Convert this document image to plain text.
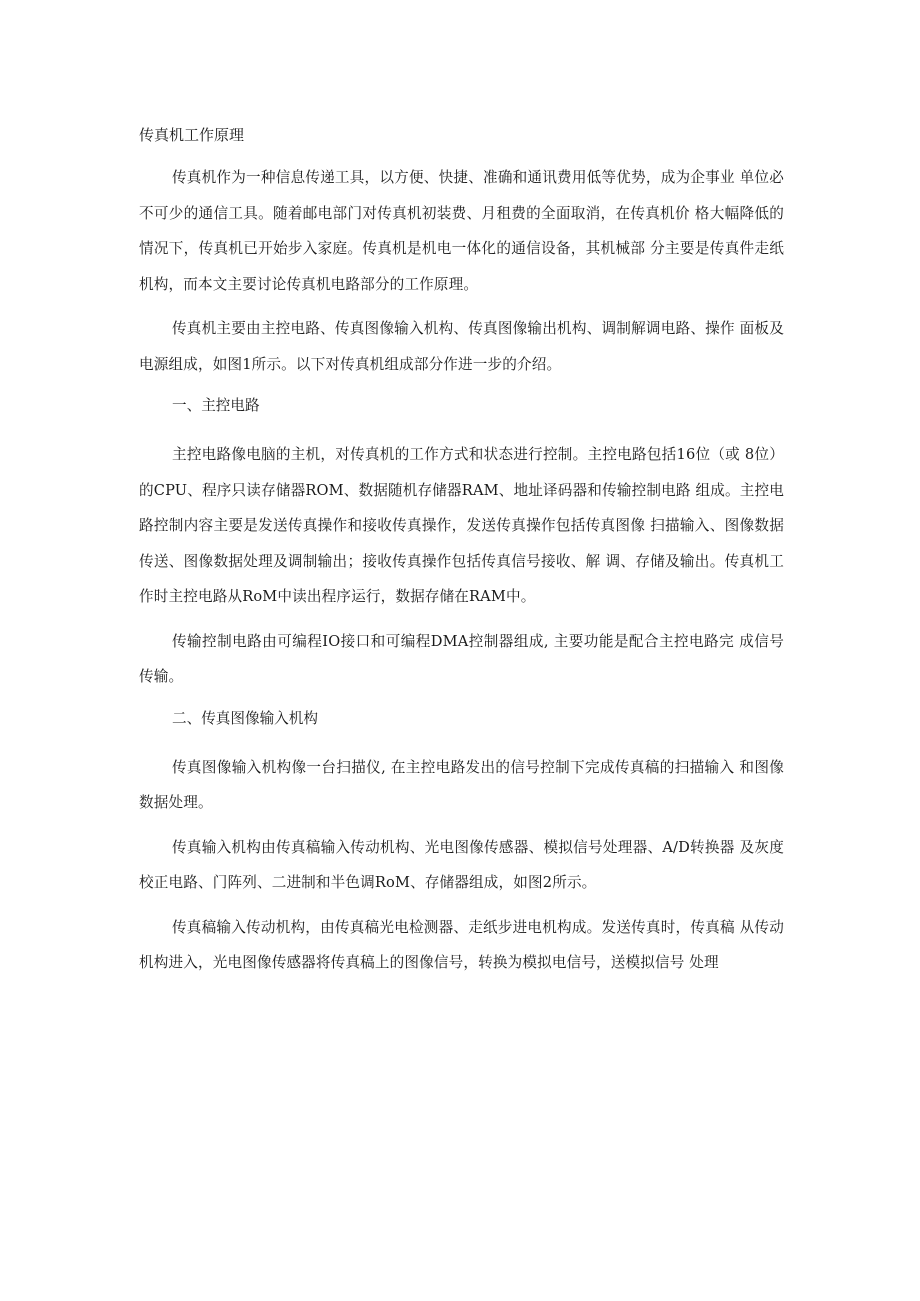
传真机工作原理

传真机作为一种信息传递工具，以方便、快捷、准确和通讯费用低等优势，成为企事业 单位必不可少的通信工具。随着邮电部门对传真机初装费、月租费的全面取消，在传真机价 格大幅降低的情况下，传真机已开始步入家庭。传真机是机电一体化的通信设备，其机械部 分主要是传真件走纸机构，而本文主要讨论传真机电路部分的工作原理。

传真机主要由主控电路、传真图像输入机构、传真图像输出机构、调制解调电路、操作 面板及电源组成，如图1所示。以下对传真机组成部分作进一步的介绍。

一、主控电路

主控电路像电脑的主机，对传真机的工作方式和状态进行控制。主控电路包括16位（或 8位）的CPU、程序只读存储器ROM、数据随机存储器RAM、地址译码器和传输控制电路 组成。主控电路控制内容主要是发送传真操作和接收传真操作，发送传真操作包括传真图像 扫描输入、图像数据传送、图像数据处理及调制输出；接收传真操作包括传真信号接收、解 调、存储及输出。传真机工作时主控电路从RoM中读出程序运行，数据存储在RAM中。

传输控制电路由可编程IO接口和可编程DMA控制器组成, 主要功能是配合主控电路完 成信号传输。

二、传真图像输入机构

传真图像输入机构像一台扫描仪, 在主控电路发出的信号控制下完成传真稿的扫描输入 和图像数据处理。

传真输入机构由传真稿输入传动机构、光电图像传感器、模拟信号处理器、A/D转换器 及灰度校正电路、门阵列、二进制和半色调RoM、存储器组成，如图2所示。

传真稿输入传动机构，由传真稿光电检测器、走纸步进电机构成。发送传真时，传真稿 从传动机构进入，光电图像传感器将传真稿上的图像信号，转换为模拟电信号，送模拟信号 处理
